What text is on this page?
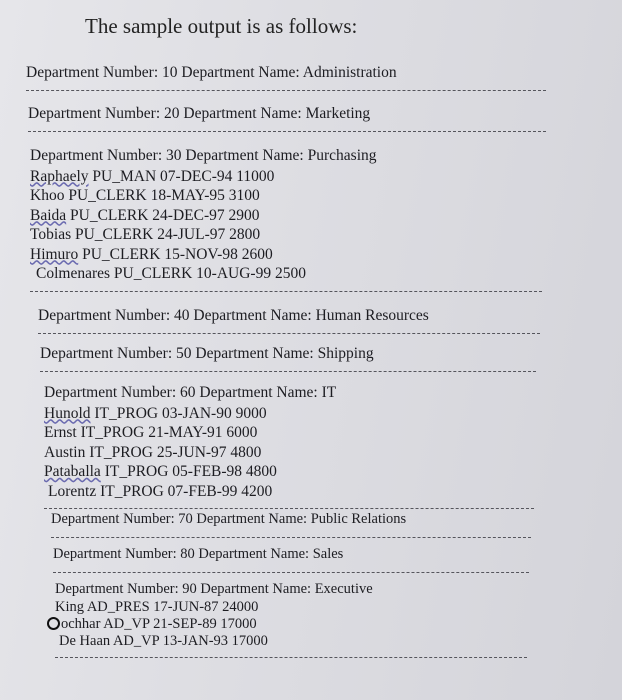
The sample output is as follows:
Department Number: 10 Department Name: Administration
Department Number: 20 Department Name: Marketing
Department Number: 30 Department Name: Purchasing
Raphaely PU_MAN 07-DEC-94 11000
Khoo PU_CLERK 18-MAY-95 3100
Baida PU_CLERK 24-DEC-97 2900
Tobias PU_CLERK 24-JUL-97 2800
Himuro PU_CLERK 15-NOV-98 2600
Colmenares PU_CLERK 10-AUG-99 2500
Department Number: 40 Department Name: Human Resources
Department Number: 50 Department Name: Shipping
Department Number: 60 Department Name: IT
Hunold IT_PROG 03-JAN-90 9000
Ernst IT_PROG 21-MAY-91 6000
Austin IT_PROG 25-JUN-97 4800
Pataballa IT_PROG 05-FEB-98 4800
Lorentz IT_PROG 07-FEB-99 4200
Department Number: 70 Department Name: Public Relations
Department Number: 80 Department Name: Sales
Department Number: 90 Department Name: Executive
King AD_PRES 17-JUN-87 24000
ochhar AD_VP 21-SEP-89 17000
De Haan AD_VP 13-JAN-93 17000
